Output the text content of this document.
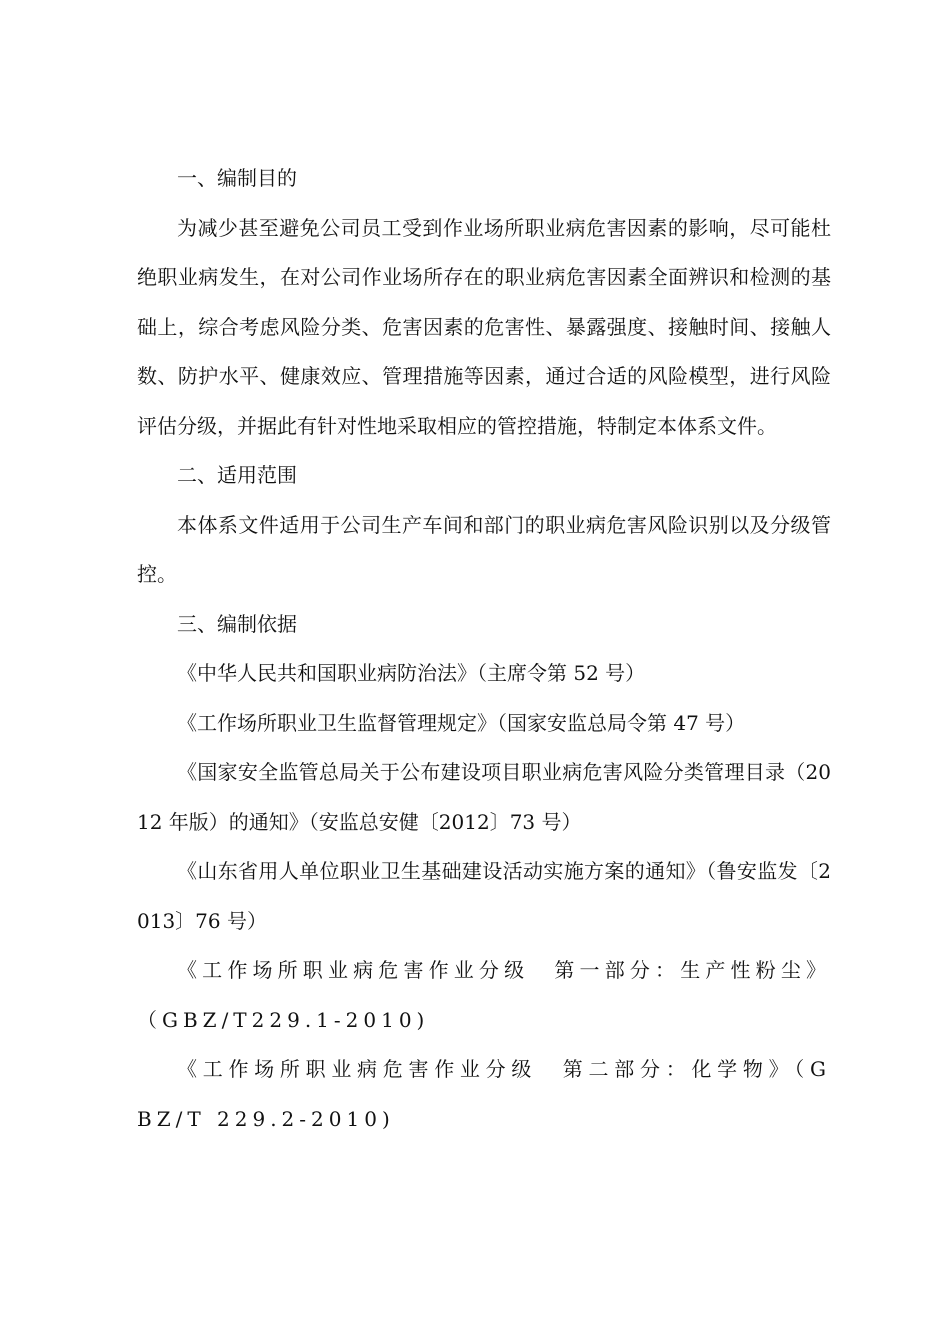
一、编制目的

为减少甚至避免公司员工受到作业场所职业病危害因素的影响，尽可能杜绝职业病发生，在对公司作业场所存在的职业病危害因素全面辨识和检测的基础上，综合考虑风险分类、危害因素的危害性、暴露强度、接触时间、接触人数、防护水平、健康效应、管理措施等因素，通过合适的风险模型，进行风险评估分级，并据此有针对性地采取相应的管控措施，特制定本体系文件。

二、适用范围

本体系文件适用于公司生产车间和部门的职业病危害风险识别以及分级管控。

三、编制依据

《中华人民共和国职业病防治法》（主席令第 52 号）

《工作场所职业卫生监督管理规定》（国家安监总局令第 47 号）

《国家安全监管总局关于公布建设项目职业病危害风险分类管理目录（2012 年版）的通知》（安监总安健〔2012〕73 号）

《山东省用人单位职业卫生基础建设活动实施方案的通知》（鲁安监发〔2013〕76 号）

《工作场所职业病危害作业分级　第一部分：生产性粉尘》（GBZ/T229.1-2010)

《工作场所职业病危害作业分级　第二部分：化学物》（GBZ/T 229.2-2010)
